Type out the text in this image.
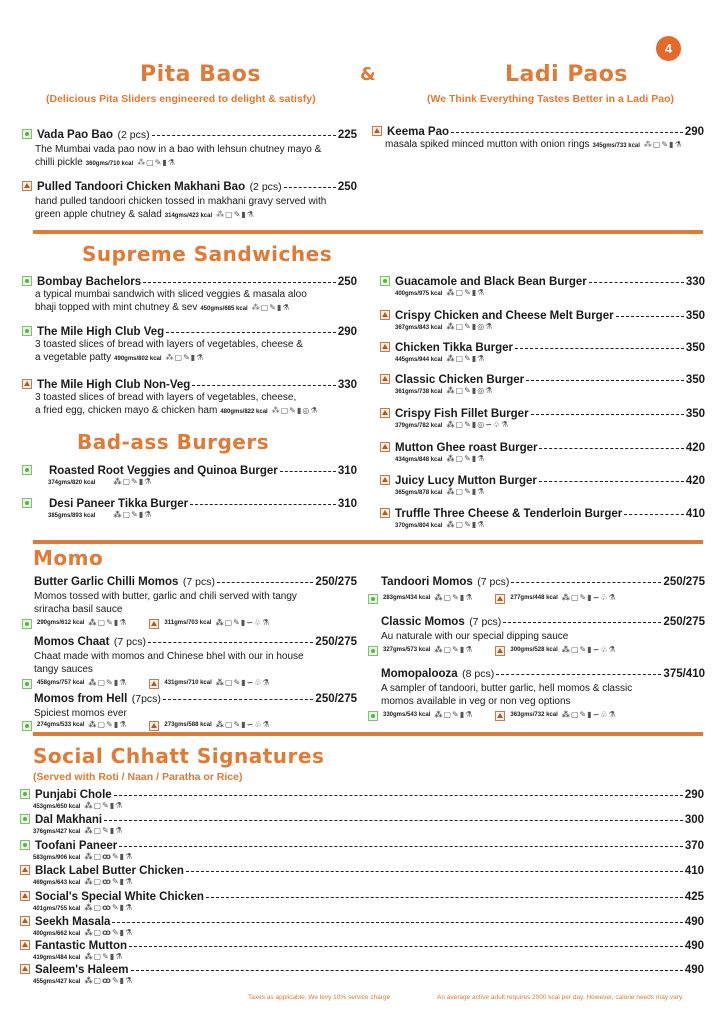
4
Pita Baos
(Delicious Pita Sliders engineered to delight & satisfy)
&	Ladi Paos
(We Think Everything Tastes Better in a Ladi Pao)
Vada Pao Bao
(2 pcs)	225
The Mumbai vada pao now in a bao with lehsun chutney mayo &
chilli pickle 360gms/710 kcal ⁂▢✎▮⚗
Pulled Tandoori Chicken Makhani Bao
(2 pcs)	250
hand pulled tandoori chicken tossed in makhani gravy served with
green apple chutney & salad 314gms/423 kcal ⁂▢✎▮⚗
Keema Pao	290
masala spiked minced mutton with onion rings 345gms/733 kcal ⁂▢✎▮⚗
Supreme Sandwiches
Bombay Bachelors	250
a typical mumbai sandwich with sliced veggies & masala aloo
bhaji topped with mint chutney & sev 450gms/685 kcal ⁂▢✎▮⚗
The Mile High Club Veg	290
3 toasted slices of bread with layers of vegetables, cheese &
a vegetable patty 490gms/802 kcal ⁂▢✎▮⚗
The Mile High Club Non-Veg	330
3 toasted slices of bread with layers of vegetables, cheese,
a fried egg, chicken mayo & chicken ham 480gms/822 kcal ⁂▢✎▮◎⚗
Bad-ass Burgers
Roasted Root Veggies and Quinoa Burger	310
374gms/820 kcal ⁂▢✎▮⚗
Desi Paneer Tikka Burger	310
385gms/893 kcal ⁂▢✎▮⚗
Guacamole and Black Bean Burger	330
400gms/975 kcal ⁂▢✎▮⚗
Crispy Chicken and Cheese Melt Burger	350
367gms/843 kcal ⁂▢✎▮◎⚗
Chicken Tikka Burger	350
445gms/944 kcal ⁂▢✎▮⚗
Classic Chicken Burger	350
361gms/738 kcal ⁂▢✎▮◎⚗
Crispy Fish Fillet Burger	350
379gms/782 kcal ⁂▢✎▮◎∽♧⚗
Mutton Ghee roast Burger	420
434gms/848 kcal ⁂▢✎▮⚗
Juicy Lucy Mutton Burger	420
365gms/878 kcal ⁂▢✎▮⚗
Truffle Three Cheese & Tenderloin Burger	410
370gms/804 kcal ⁂▢✎▮⚗
Momo
Butter Garlic Chilli Momos
(7 pcs)	250/275
Momos tossed with butter, garlic and chili served with tangy
sriracha basil sauce
290gms/612 kcal ⁂▢✎▮⚗	311gms/703 kcal ⁂▢✎▮∽♧⚗
Momos Chaat
(7 pcs)	250/275
Chaat made with momos and Chinese bhel with our in house
tangy sauces
458gms/757 kcal ⁂▢✎▮⚗	431gms/710 kcal ⁂▢✎▮∽♧⚗
Momos from Hell
(7pcs)	250/275
Spiciest momos ever
274gms/533 kcal ⁂▢✎▮⚗	273gms/588 kcal ⁂▢✎▮∽♧⚗
Tandoori Momos
(7 pcs)	250/275
283gms/434 kcal ⁂▢✎▮⚗	277gms/448 kcal ⁂▢✎▮∽♧⚗
Classic Momos
(7 pcs)	250/275
Au naturale with our special dipping sauce
327gms/573 kcal ⁂▢✎▮⚗	300gms/528 kcal ⁂▢✎▮∽♧⚗
Momopalooza
(8 pcs)	375/410
A sampler of tandoori, butter garlic, hell momos & classic
momos available in veg or non veg options
330gms/543 kcal ⁂▢✎▮⚗	363gms/732 kcal ⁂▢✎▮∽♧⚗
Social Chhatt Signatures
(Served with Roti / Naan / Paratha or Rice)
Punjabi Chole	290
453gms/650 kcal ⁂▢✎▮⚗
Dal Makhani	300
376gms/427 kcal ⁂▢✎▮⚗
Toofani Paneer	370
583gms/906 kcal ⁂▢ꝏ✎▮⚗
Black Label Butter Chicken	410
469gms/643 kcal ⁂▢ꝏ✎▮⚗
Social's Special White Chicken	425
401gms/755 kcal ⁂▢ꝏ✎▮⚗
Seekh Masala	490
400gms/662 kcal ⁂▢ꝏ✎▮⚗
Fantastic Mutton	490
419gms/484 kcal ⁂▢✎▮⚗
Saleem's Haleem	490
455gms/427 kcal ⁂▢ꝏ✎▮⚗
Taxes as applicable, We levy 10% service charge	An average active adult requires 2000 kcal per day. However, calorie needs may vary.
